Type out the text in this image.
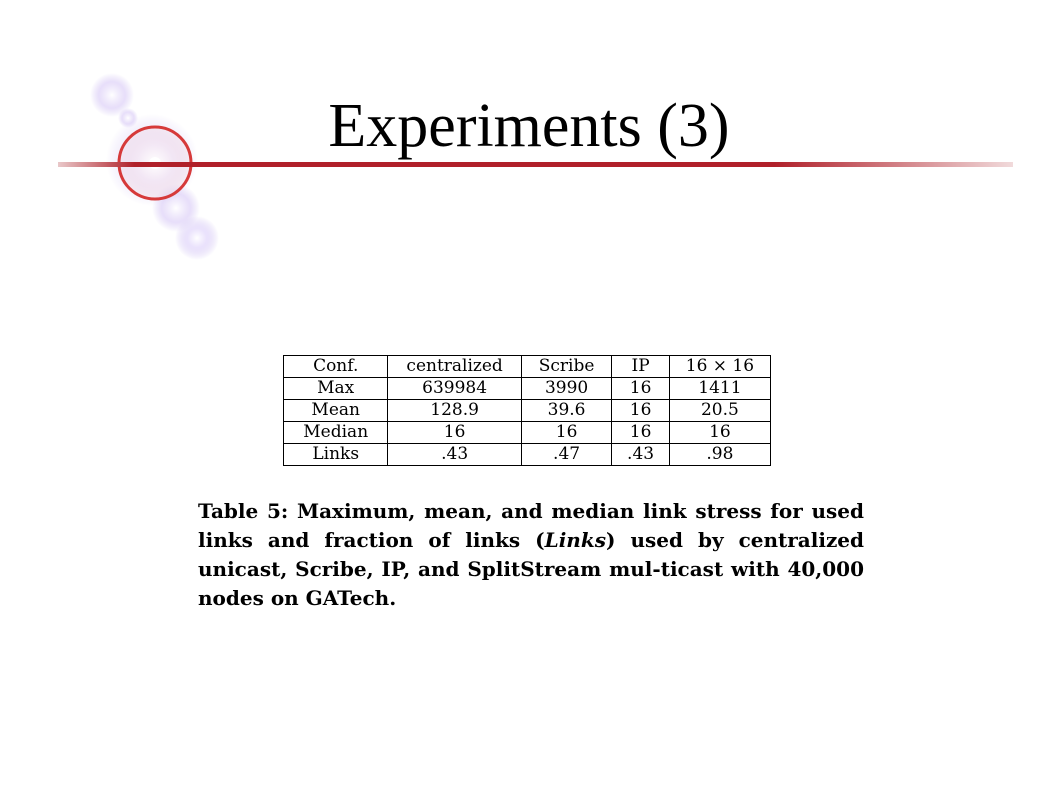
Experiments (3)
Conf.	centralized	Scribe	IP	16 × 16
Max	639984	3990	16	1411
Mean	128.9	39.6	16	20.5
Median	16	16	16	16
Links	.43	.47	.43	.98

Table 5: Maximum, mean, and median link stress for used links and fraction of links (Links) used by centralized unicast, Scribe, IP, and SplitStream mul-ticast with 40,000 nodes on GATech.
